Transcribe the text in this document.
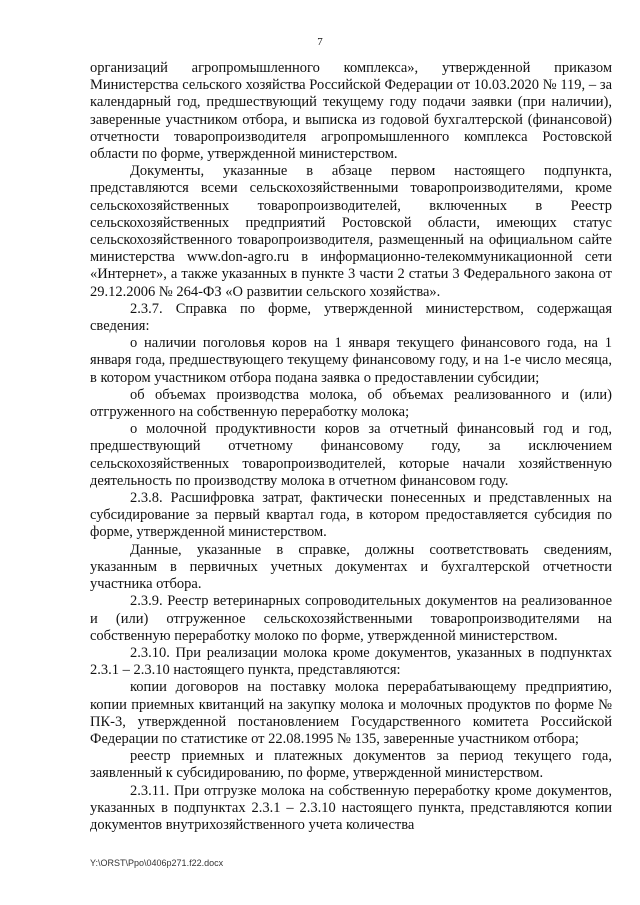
7

организаций агропромышленного комплекса», утвержденной приказом Министерства сельского хозяйства Российской Федерации от 10.03.2020 № 119, – за календарный год, предшествующий текущему году подачи заявки (при наличии), заверенные участником отбора, и выписка из годовой бухгалтерской (финансовой) отчетности товаропроизводителя агропромышленного комплекса Ростовской области по форме, утвержденной министерством.

Документы, указанные в абзаце первом настоящего подпункта, представляются всеми сельскохозяйственными товаропроизводителями, кроме сельскохозяйственных товаропроизводителей, включенных в Реестр сельскохозяйственных предприятий Ростовской области, имеющих статус сельскохозяйственного товаропроизводителя, размещенный на официальном сайте министерства www.don-agro.ru в информационно-телекоммуникационной сети «Интернет», а также указанных в пункте 3 части 2 статьи 3 Федерального закона от 29.12.2006 № 264-ФЗ «О развитии сельского хозяйства».

2.3.7. Справка по форме, утвержденной министерством, содержащая сведения:

о наличии поголовья коров на 1 января текущего финансового года, на 1 января года, предшествующего текущему финансовому году, и на 1-е число месяца, в котором участником отбора подана заявка о предоставлении субсидии;

об объемах производства молока, об объемах реализованного и (или) отгруженного на собственную переработку молока;

о молочной продуктивности коров за отчетный финансовый год и год, предшествующий отчетному финансовому году, за исключением сельскохозяйственных товаропроизводителей, которые начали хозяйственную деятельность по производству молока в отчетном финансовом году.

2.3.8. Расшифровка затрат, фактически понесенных и представленных на субсидирование за первый квартал года, в котором предоставляется субсидия по форме, утвержденной министерством.

Данные, указанные в справке, должны соответствовать сведениям, указанным в первичных учетных документах и бухгалтерской отчетности участника отбора.

2.3.9. Реестр ветеринарных сопроводительных документов на реализованное и (или) отгруженное сельскохозяйственными товаропроизводителями на собственную переработку молоко по форме, утвержденной министерством.

2.3.10. При реализации молока кроме документов, указанных в подпунктах 2.3.1 – 2.3.10 настоящего пункта, представляются:

копии договоров на поставку молока перерабатывающему предприятию, копии приемных квитанций на закупку молока и молочных продуктов по форме № ПК-3, утвержденной постановлением Государственного комитета Российской Федерации по статистике от 22.08.1995 № 135, заверенные участником отбора;

реестр приемных и платежных документов за период текущего года, заявленный к субсидированию, по форме, утвержденной министерством.

2.3.11. При отгрузке молока на собственную переработку кроме документов, указанных в подпунктах 2.3.1 – 2.3.10 настоящего пункта, представляются копии документов внутрихозяйственного учета количества

Y:\ORST\Ppo\0406p271.f22.docx
